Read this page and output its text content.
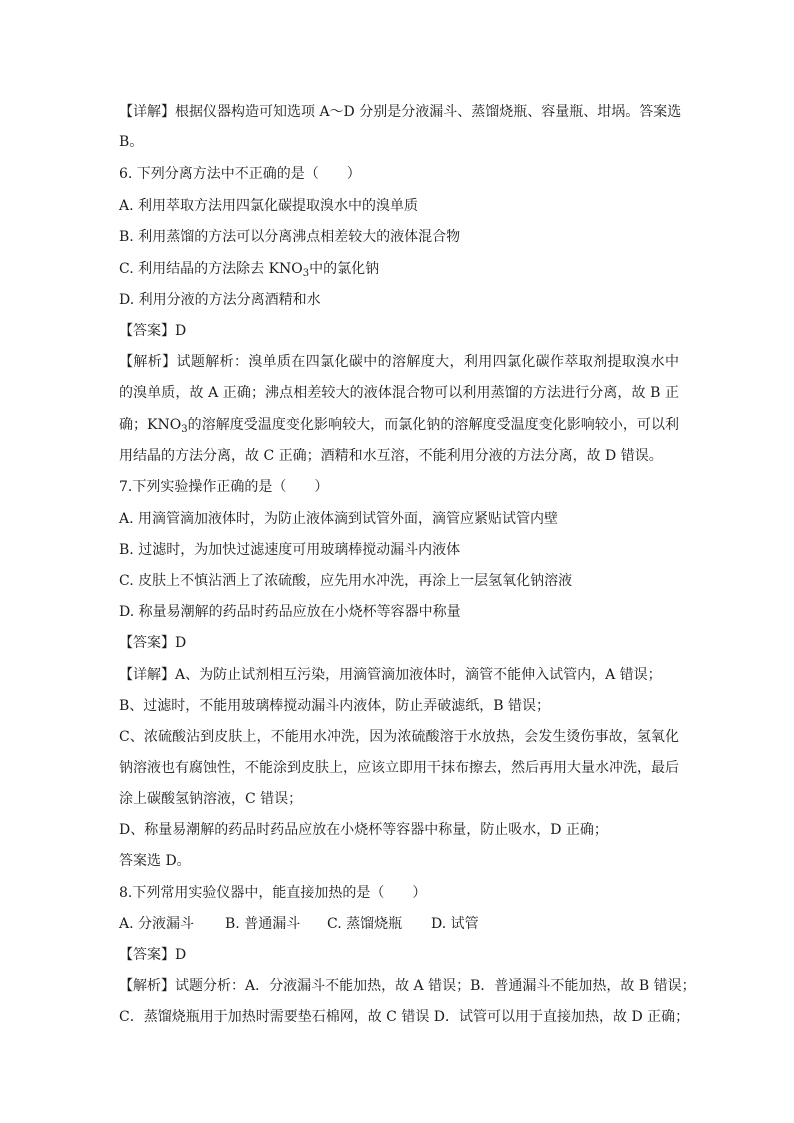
【详解】根据仪器构造可知选项 A～D 分别是分液漏斗、蒸馏烧瓶、容量瓶、坩埚。答案选
B。
6. 下列分离方法中不正确的是（　　）
A. 利用萃取方法用四氯化碳提取溴水中的溴单质
B. 利用蒸馏的方法可以分离沸点相差较大的液体混合物
C. 利用结晶的方法除去 $KNO_3$中的氯化钠
D. 利用分液的方法分离酒精和水
【答案】D
【解析】试题解析：溴单质在四氯化碳中的溶解度大，利用四氯化碳作萃取剂提取溴水中
的溴单质，故 A 正确；沸点相差较大的液体混合物可以利用蒸馏的方法进行分离，故 B 正
确；$KNO_3$的溶解度受温度变化影响较大，而氯化钠的溶解度受温度变化影响较小，可以利
用结晶的方法分离，故 C 正确；酒精和水互溶，不能利用分液的方法分离，故 D 错误。
7.下列实验操作正确的是（　　）
A. 用滴管滴加液体时，为防止液体滴到试管外面，滴管应紧贴试管内壁
B. 过滤时，为加快过滤速度可用玻璃棒搅动漏斗内液体
C. 皮肤上不慎沾洒上了浓硫酸，应先用水冲洗，再涂上一层氢氧化钠溶液
D. 称量易潮解的药品时药品应放在小烧杯等容器中称量
【答案】D
【详解】A、为防止试剂相互污染，用滴管滴加液体时，滴管不能伸入试管内，A 错误；
B、过滤时，不能用玻璃棒搅动漏斗内液体，防止弄破滤纸，B 错误；
C、浓硫酸沾到皮肤上，不能用水冲洗，因为浓硫酸溶于水放热，会发生烫伤事故，氢氧化
钠溶液也有腐蚀性，不能涂到皮肤上，应该立即用干抹布擦去，然后再用大量水冲洗，最后
涂上碳酸氢钠溶液，C 错误；
D、称量易潮解的药品时药品应放在小烧杯等容器中称量，防止吸水，D 正确；
答案选 D。
8.下列常用实验仪器中，能直接加热的是（　　）
A. 分液漏斗 B. 普通漏斗 C. 蒸馏烧瓶 D. 试管
【答案】D
【解析】试题分析：A．分液漏斗不能加热，故 A 错误；B．普通漏斗不能加热，故 B 错误；
C．蒸馏烧瓶用于加热时需要垫石棉网，故 C 错误 D．试管可以用于直接加热，故 D 正确；
